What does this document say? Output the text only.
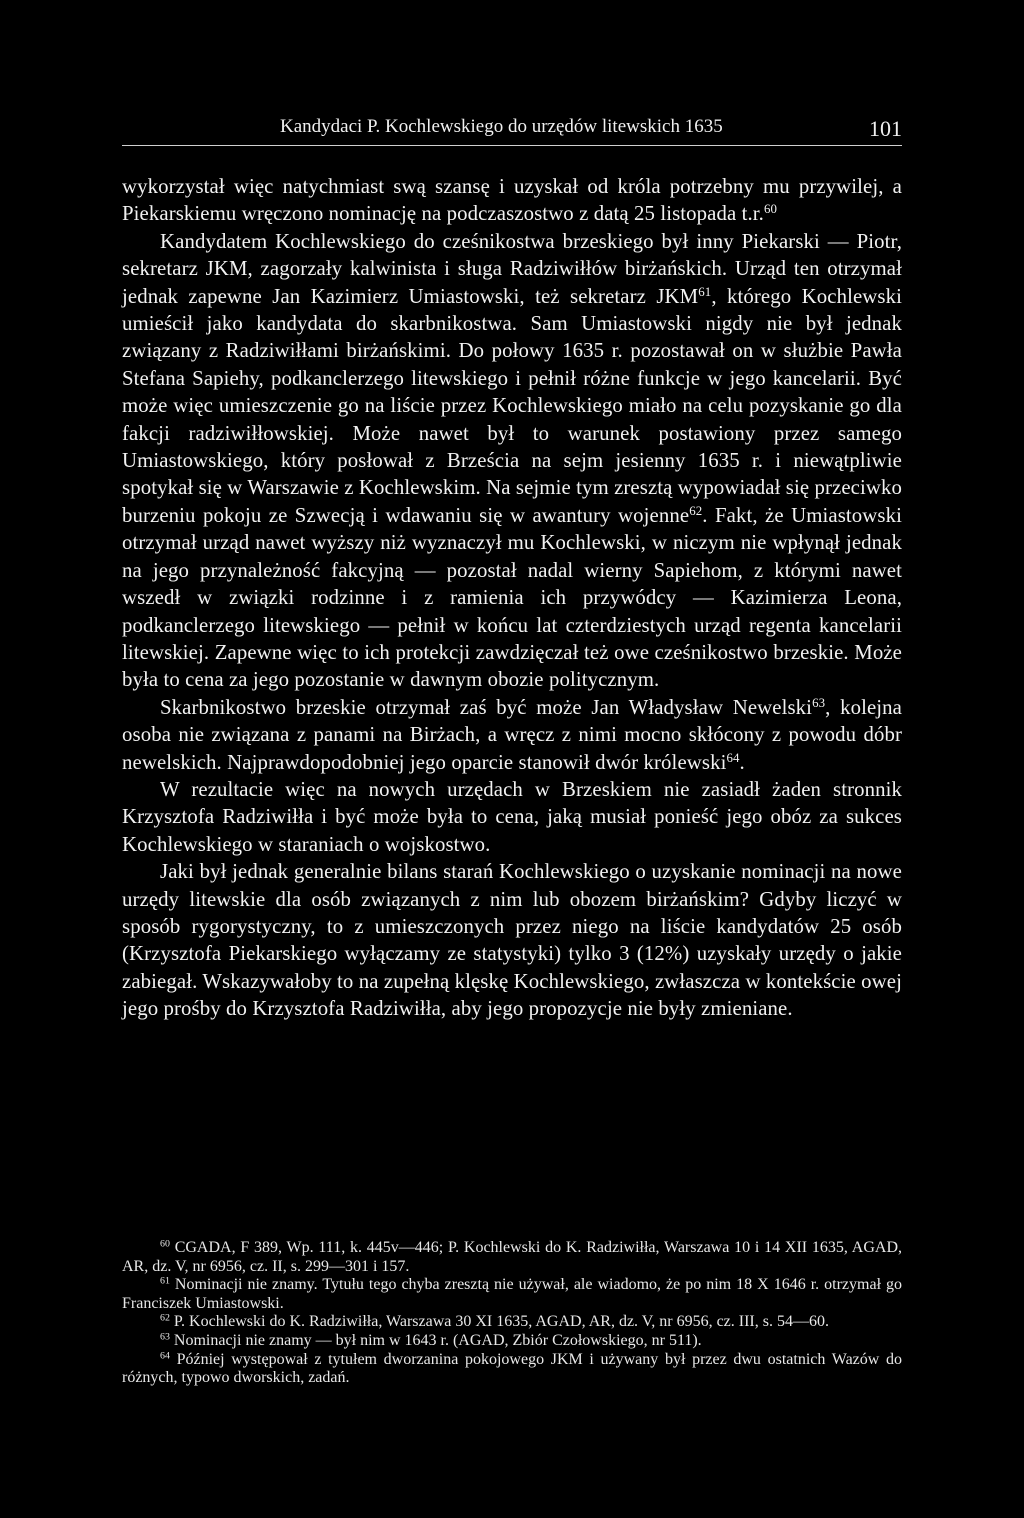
Kandydaci P. Kochlewskiego do urzędów litewskich 1635	101

wykorzystał więc natychmiast swą szansę i uzyskał od króla potrzebny mu przywilej, a Piekarskiemu wręczono nominację na podczaszostwo z datą 25 listopada t.r.$^{60}$

Kandydatem Kochlewskiego do cześnikostwa brzeskiego był inny Piekarski — Piotr, sekretarz JKM, zagorzały kalwinista i sługa Radziwiłłów birżańskich. Urząd ten otrzymał jednak zapewne Jan Kazimierz Umiastowski, też sekretarz JKM$^{61}$, którego Kochlewski umieścił jako kandydata do skarbnikostwa. Sam Umiastowski nigdy nie był jednak związany z Radziwiłłami birżańskimi. Do połowy 1635 r. pozostawał on w służbie Pawła Stefana Sapiehy, podkanclerzego litewskiego i pełnił różne funkcje w jego kancelarii. Być może więc umieszczenie go na liście przez Kochlewskiego miało na celu pozyskanie go dla fakcji radziwiłłowskiej. Może nawet był to warunek postawiony przez samego Umiastowskiego, który posłował z Brześcia na sejm jesienny 1635 r. i niewątpliwie spotykał się w Warszawie z Kochlewskim. Na sejmie tym zresztą wypowiadał się przeciwko burzeniu pokoju ze Szwecją i wdawaniu się w awantury wojenne$^{62}$. Fakt, że Umiastowski otrzymał urząd nawet wyższy niż wyznaczył mu Kochlewski, w niczym nie wpłynął jednak na jego przynależność fakcyjną — pozostał nadal wierny Sapiehom, z którymi nawet wszedł w związki rodzinne i z ramienia ich przywódcy — Kazimierza Leona, podkanclerzego litewskiego — pełnił w końcu lat czterdziestych urząd regenta kancelarii litewskiej. Zapewne więc to ich protekcji zawdzięczał też owe cześnikostwo brzeskie. Może była to cena za jego pozostanie w dawnym obozie politycznym.

Skarbnikostwo brzeskie otrzymał zaś być może Jan Władysław Newelski$^{63}$, kolejna osoba nie związana z panami na Birżach, a wręcz z nimi mocno skłócony z powodu dóbr newelskich. Najprawdopodobniej jego oparcie stanowił dwór królewski$^{64}$.

W rezultacie więc na nowych urzędach w Brzeskiem nie zasiadł żaden stronnik Krzysztofa Radziwiłła i być może była to cena, jaką musiał ponieść jego obóz za sukces Kochlewskiego w staraniach o wojskostwo.

Jaki był jednak generalnie bilans starań Kochlewskiego o uzyskanie nominacji na nowe urzędy litewskie dla osób związanych z nim lub obozem birżańskim? Gdyby liczyć w sposób rygorystyczny, to z umieszczonych przez niego na liście kandydatów 25 osób (Krzysztofa Piekarskiego wyłączamy ze statystyki) tylko 3 (12%) uzyskały urzędy o jakie zabiegał. Wskazywałoby to na zupełną klęskę Kochlewskiego, zwłaszcza w kontekście owej jego prośby do Krzysztofa Radziwiłła, aby jego propozycje nie były zmieniane.

$^{60}$ CGADA, F 389, Wp. 111, k. 445v—446; P. Kochlewski do K. Radziwiłła, Warszawa 10 i 14 XII 1635, AGAD, AR, dz. V, nr 6956, cz. II, s. 299—301 i 157.

$^{61}$ Nominacji nie znamy. Tytułu tego chyba zresztą nie używał, ale wiadomo, że po nim 18 X 1646 r. otrzymał go Franciszek Umiastowski.

$^{62}$ P. Kochlewski do K. Radziwiłła, Warszawa 30 XI 1635, AGAD, AR, dz. V, nr 6956, cz. III, s. 54—60.

$^{63}$ Nominacji nie znamy — był nim w 1643 r. (AGAD, Zbiór Czołowskiego, nr 511).

$^{64}$ Później występował z tytułem dworzanina pokojowego JKM i używany był przez dwu ostatnich Wazów do różnych, typowo dworskich, zadań.
